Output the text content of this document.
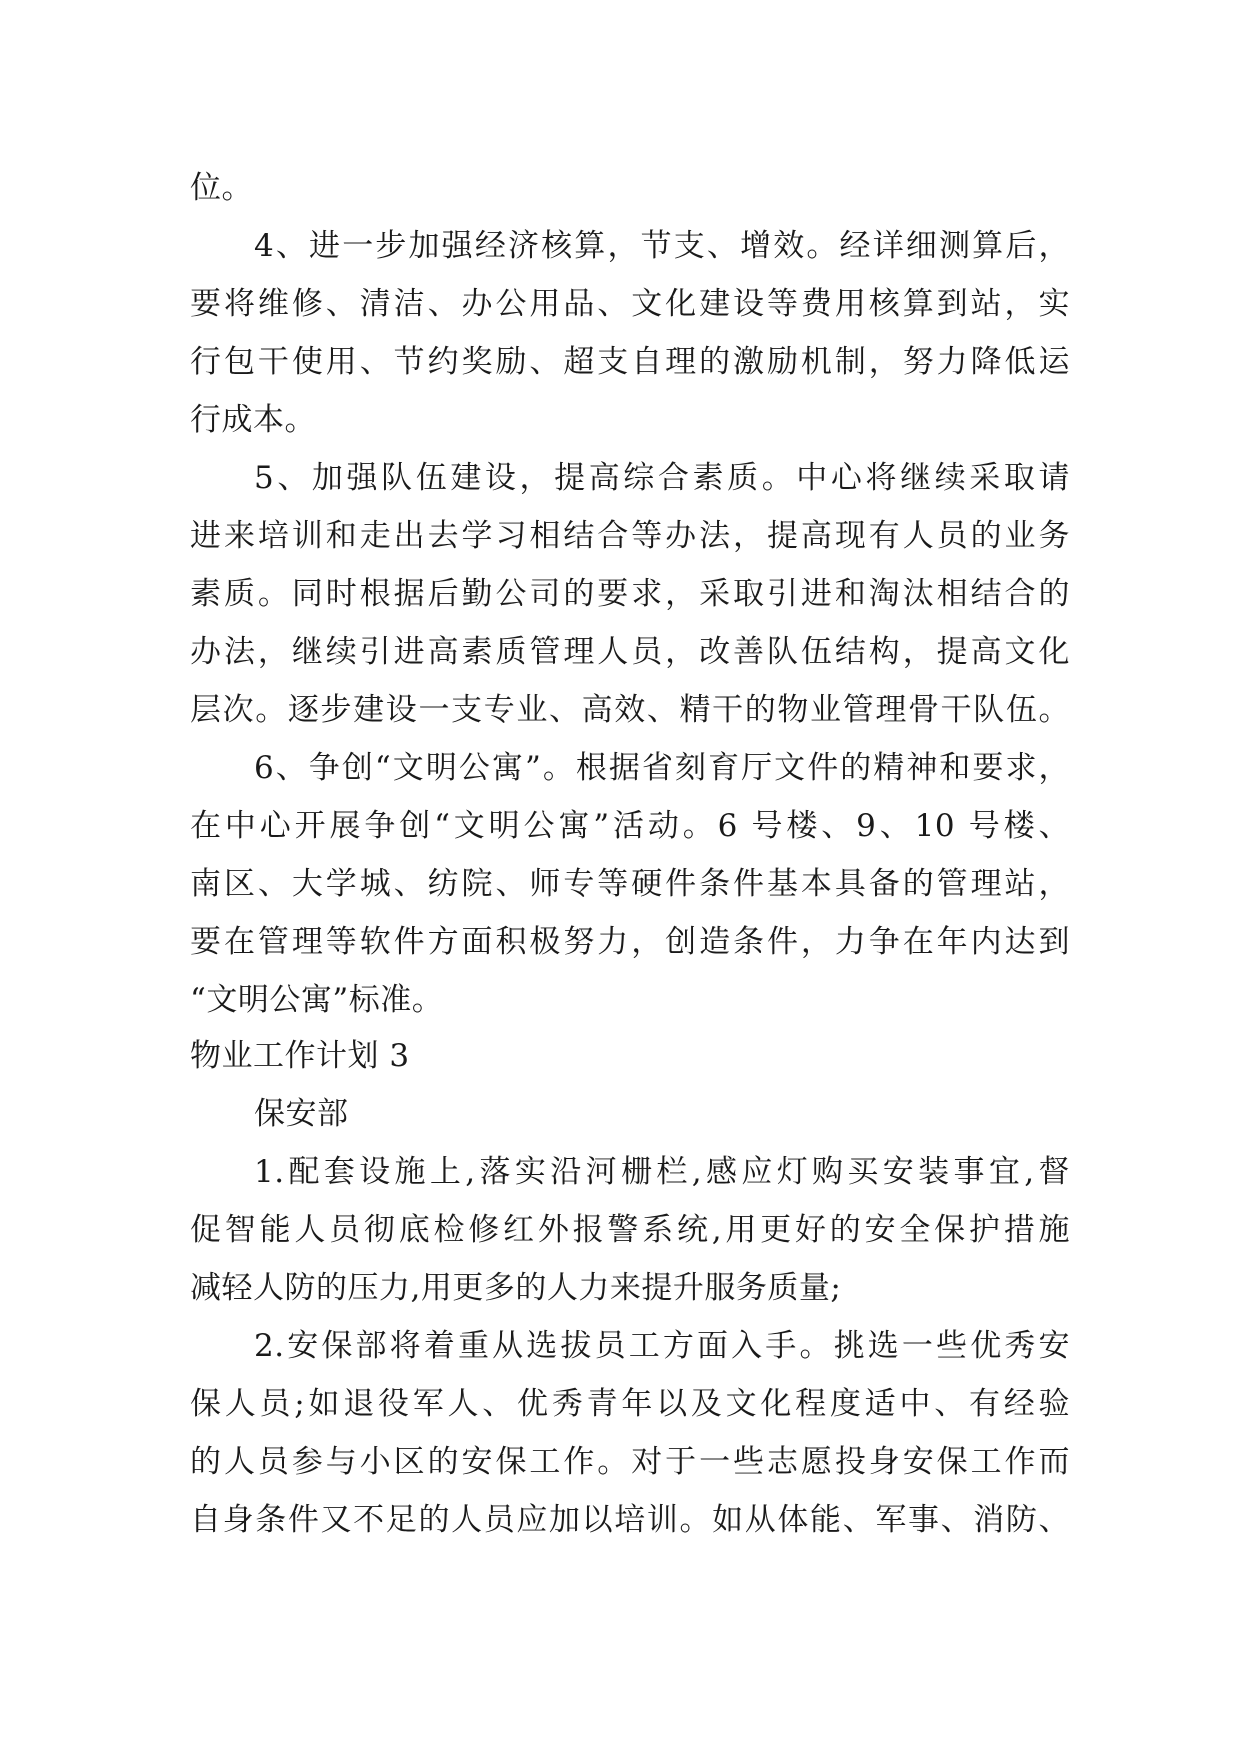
位。
4、进一步加强经济核算，节支、增效。经详细测算后，
要将维修、清洁、办公用品、文化建设等费用核算到站，实
行包干使用、节约奖励、超支自理的激励机制，努力降低运
行成本。
5、加强队伍建设，提高综合素质。中心将继续采取请
进来培训和走出去学习相结合等办法，提高现有人员的业务
素质。同时根据后勤公司的要求，采取引进和淘汰相结合的
办法，继续引进高素质管理人员，改善队伍结构，提高文化
层次。逐步建设一支专业、高效、精干的物业管理骨干队伍。
6、争创“文明公寓”。根据省刻育厅文件的精神和要求，
在中心开展争创“文明公寓”活动。6 号楼、9、10 号楼、
南区、大学城、纺院、师专等硬件条件基本具备的管理站，
要在管理等软件方面积极努力，创造条件，力争在年内达到
“文明公寓”标准。
物业工作计划 3
保安部
1.配套设施上,落实沿河栅栏,感应灯购买安装事宜,督
促智能人员彻底检修红外报警系统,用更好的安全保护措施
减轻人防的压力,用更多的人力来提升服务质量;
2.安保部将着重从选拔员工方面入手。挑选一些优秀安
保人员;如退役军人、优秀青年以及文化程度适中、有经验
的人员参与小区的安保工作。对于一些志愿投身安保工作而
自身条件又不足的人员应加以培训。如从体能、军事、消防、
